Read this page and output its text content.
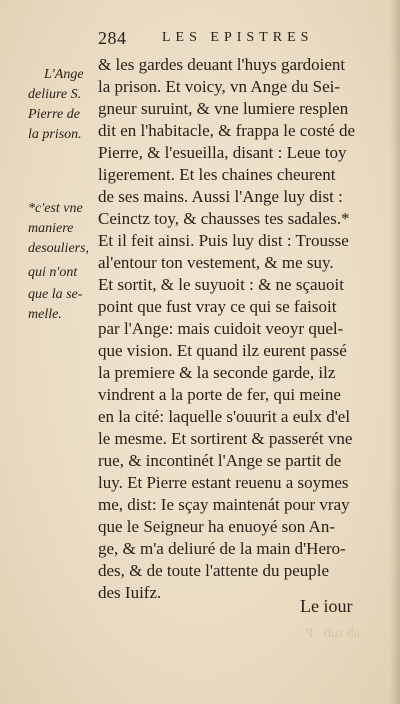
284	LES EPISTRES
L'Ange
deliure S.
Pierre de
la prison.
*c'est vne
maniere
desouliers,
qui n'ont
que la se-
melle.
& les gardes deuant l'huys gardoient
la prison. Et voicy, vn Ange du Sei-
gneur suruint, & vne lumiere resplen
dit en l'habitacle, & frappa le costé de
Pierre, & l'esueilla, disant : Leue toy
ligerement. Et les chaines cheurent
de ses mains. Aussi l'Ange luy dist :
Ceinctz toy, & chausses tes sadales.*
Et il feit ainsi. Puis luy dist : Trousse
al'entour ton vestement, & me suy.
Et sortit, & le suyuoit : & ne sçauoit
point que fust vray ce qui se faisoit
par l'Ange: mais cuidoit veoyr quel-
que vision. Et quand ilz eurent passé
la premiere & la seconde garde, ilz
vindrent a la porte de fer, qui meine
en la cité: laquelle s'ouurit a eulx d'el
le mesme. Et sortirent & passerét vne
rue, & incontinét l'Ange se partit de
luy. Et Pierre estant reuenu a soymes
me, dist: Ie sçay maintenát pour vray
que le Seigneur ha enuoyé son An-
ge, & m'a deliuré de la main d'Hero-
des, & de toute l'attente du peuple
des Iuifz.
Le iour
ab sub . P
